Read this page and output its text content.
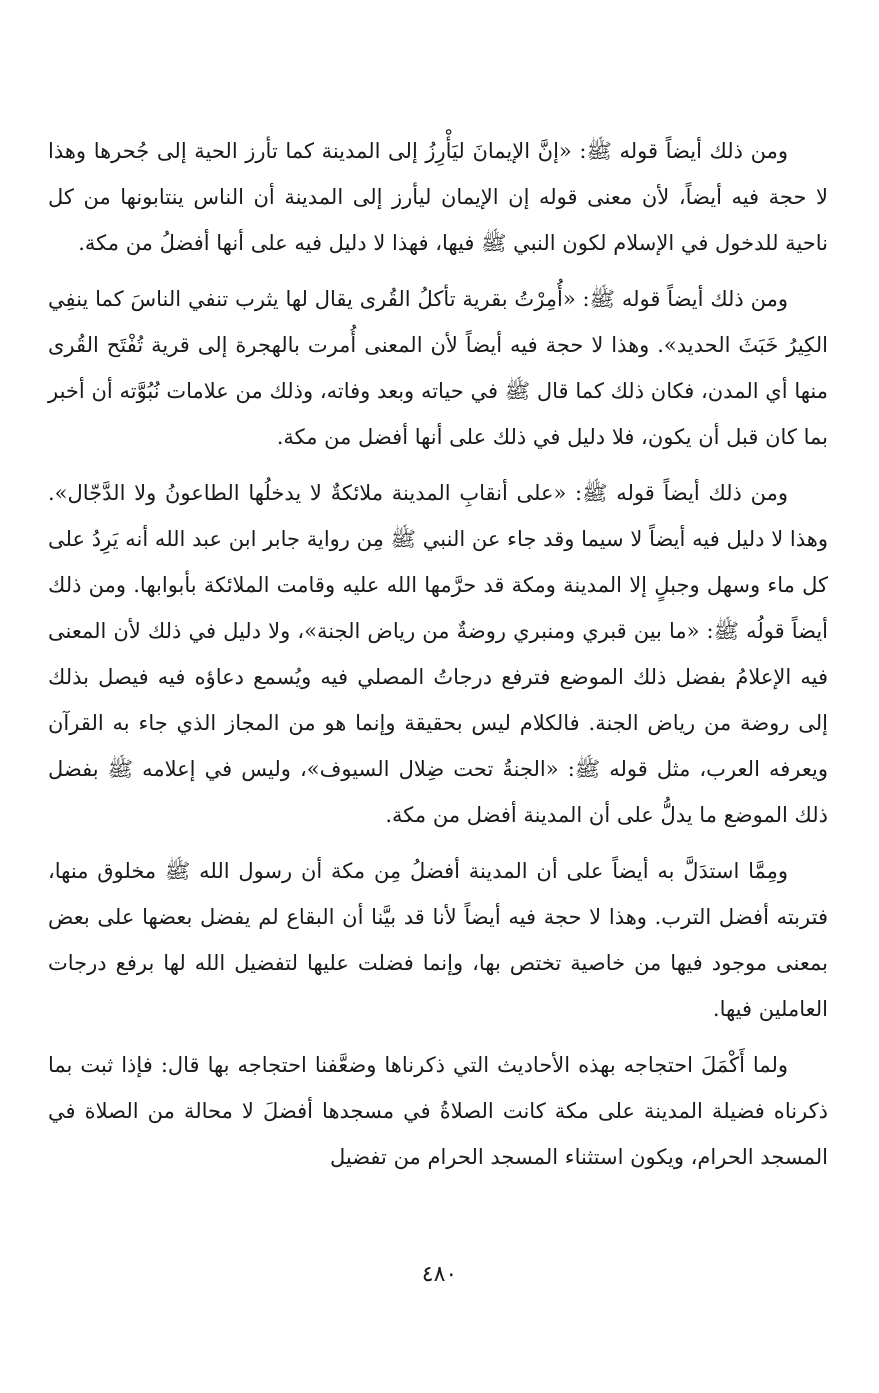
ومن ذلك أيضاً قوله ﷺ: «إنَّ الإيمانَ ليَأْرِزُ إلى المدينة كما تأرز الحية إلى جُحرها وهذا لا حجة فيه أيضاً، لأن معنى قوله إن الإيمان ليأرز إلى المدينة أن الناس ينتابونها من كل ناحية للدخول في الإسلام لكون النبي ﷺ فيها، فهذا لا دليل فيه على أنها أفضلُ من مكة.

ومن ذلك أيضاً قوله ﷺ: «أُمِرْتُ بقرية تأكلُ القُرى يقال لها يثرب تنفي الناسَ كما ينفِي الكِيرُ خَبَثَ الحديد». وهذا لا حجة فيه أيضاً لأن المعنى أُمرت بالهجرة إلى قرية تُفْتَح القُرى منها أي المدن، فكان ذلك كما قال ﷺ في حياته وبعد وفاته، وذلك من علامات نُبُوَّته أن أخبر بما كان قبل أن يكون، فلا دليل في ذلك على أنها أفضل من مكة.

ومن ذلك أيضاً قوله ﷺ: «على أنقابِ المدينة ملائكةٌ لا يدخلُها الطاعونُ ولا الدَّجّال». وهذا لا دليل فيه أيضاً لا سيما وقد جاء عن النبي ﷺ مِن رواية جابر ابن عبد الله أنه يَرِدُ على كل ماء وسهل وجبلٍ إلا المدينة ومكة قد حرَّمها الله عليه وقامت الملائكة بأبوابها. ومن ذلك أيضاً قولُه ﷺ: «ما بين قبري ومنبري روضةٌ من رياض الجنة»، ولا دليل في ذلك لأن المعنى فيه الإعلامُ بفضل ذلك الموضع فترفع درجاتُ المصلي فيه ويُسمع دعاؤه فيه فيصل بذلك إلى روضة من رياض الجنة. فالكلام ليس بحقيقة وإنما هو من المجاز الذي جاء به القرآن ويعرفه العرب، مثل قوله ﷺ: «الجنةُ تحت ضِلال السيوف»، وليس في إعلامه ﷺ بفضل ذلك الموضع ما يدلُّ على أن المدينة أفضل من مكة.

ومِمَّا استدَلَّ به أيضاً على أن المدينة أفضلُ مِن مكة أن رسول الله ﷺ مخلوق منها، فتربته أفضل الترب. وهذا لا حجة فيه أيضاً لأنا قد بيَّنا أن البقاع لم يفضل بعضها على بعض بمعنى موجود فيها من خاصية تختص بها، وإنما فضلت عليها لتفضيل الله لها برفع درجات العاملين فيها.

ولما أَكْمَلَ احتجاجه بهذه الأحاديث التي ذكرناها وضعَّفنا احتجاجه بها قال: فإذا ثبت بما ذكرناه فضيلة المدينة على مكة كانت الصلاةُ في مسجدها أفضلَ لا محالة من الصلاة في المسجد الحرام، ويكون استثناء المسجد الحرام من تفضيل

٤٨٠
